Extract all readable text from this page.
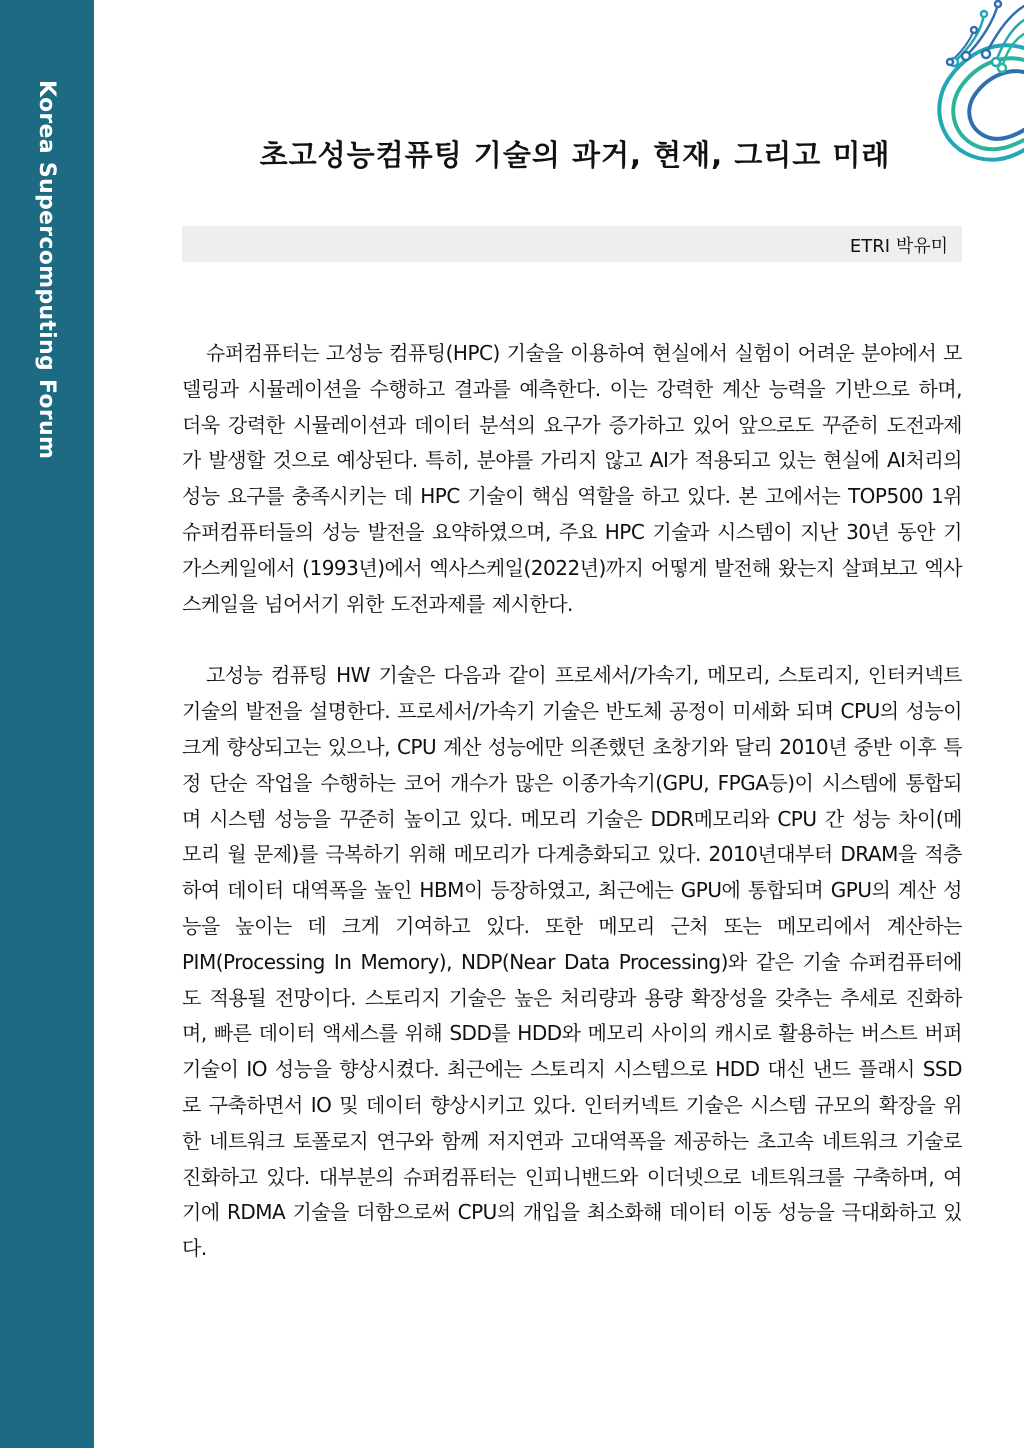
Korea Supercomputing Forum	초고성능컴퓨팅 기술의 과거, 현재, 그리고 미래
ETRI 박유미

슈퍼컴퓨터는 고성능 컴퓨팅(HPC) 기술을 이용하여 현실에서 실험이 어려운 분야에서 모델링과 시뮬레이션을 수행하고 결과를 예측한다. 이는 강력한 계산 능력을 기반으로 하며, 더욱 강력한 시뮬레이션과 데이터 분석의 요구가 증가하고 있어 앞으로도 꾸준히 도전과제가 발생할 것으로 예상된다. 특히, 분야를 가리지 않고 AI가 적용되고 있는 현실에 AI처리의 성능 요구를 충족시키는 데 HPC 기술이 핵심 역할을 하고 있다. 본 고에서는 TOP500 1위 슈퍼컴퓨터들의 성능 발전을 요약하였으며, 주요 HPC 기술과 시스템이 지난 30년 동안 기가스케일에서 (1993년)에서 엑사스케일(2022년)까지 어떻게 발전해 왔는지 살펴보고 엑사스케일을 넘어서기 위한 도전과제를 제시한다.

고성능 컴퓨팅 HW 기술은 다음과 같이 프로세서/가속기, 메모리, 스토리지, 인터커넥트 기술의 발전을 설명한다. 프로세서/가속기 기술은 반도체 공정이 미세화 되며 CPU의 성능이 크게 향상되고는 있으나, CPU 계산 성능에만 의존했던 초창기와 달리 2010년 중반 이후 특정 단순 작업을 수행하는 코어 개수가 많은 이종가속기(GPU, FPGA등)이 시스템에 통합되며 시스템 성능을 꾸준히 높이고 있다. 메모리 기술은 DDR메모리와 CPU 간 성능 차이(메모리 월 문제)를 극복하기 위해 메모리가 다계층화되고 있다. 2010년대부터 DRAM을 적층하여 데이터 대역폭을 높인 HBM이 등장하였고, 최근에는 GPU에 통합되며 GPU의 계산 성능을 높이는 데 크게 기여하고 있다. 또한 메모리 근처 또는 메모리에서 계산하는 PIM(Processing In Memory), NDP(Near Data Processing)와 같은 기술 슈퍼컴퓨터에도 적용될 전망이다. 스토리지 기술은 높은 처리량과 용량 확장성을 갖추는 추세로 진화하며, 빠른 데이터 액세스를 위해 SDD를 HDD와 메모리 사이의 캐시로 활용하는 버스트 버퍼 기술이 IO 성능을 향상시켰다. 최근에는 스토리지 시스템으로 HDD 대신 낸드 플래시 SSD로 구축하면서 IO 및 데이터 향상시키고 있다. 인터커넥트 기술은 시스템 규모의 확장을 위한 네트워크 토폴로지 연구와 함께 저지연과 고대역폭을 제공하는 초고속 네트워크 기술로 진화하고 있다. 대부분의 슈퍼컴퓨터는 인피니밴드와 이더넷으로 네트워크를 구축하며, 여기에 RDMA 기술을 더함으로써 CPU의 개입을 최소화해 데이터 이동 성능을 극대화하고 있다.
